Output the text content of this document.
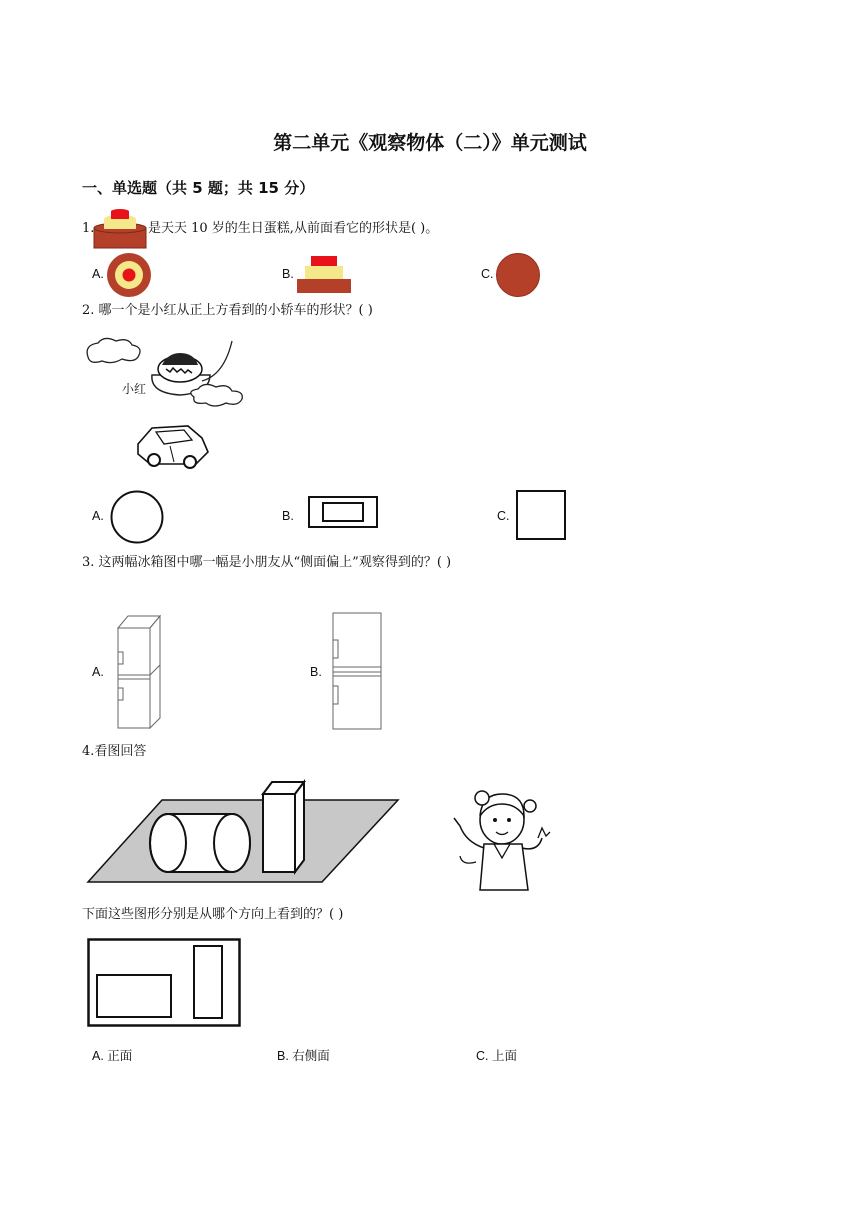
第二单元《观察物体（二）》单元测试
一、单选题（共 5 题；共 15 分）
1.	是天天 10 岁的生日蛋糕,从前面看它的形状是( )。
A.	B.	C.
2. 哪一个是小红从正上方看到的小轿车的形状？( )
小红
A.	B.	C.
3. 这两幅冰箱图中哪一幅是小朋友从“侧面偏上”观察得到的？( )
A.	B.
4.看图回答
下面这些图形分别是从哪个方向上看到的？( )
A. 正面	B. 右侧面	C. 上面
